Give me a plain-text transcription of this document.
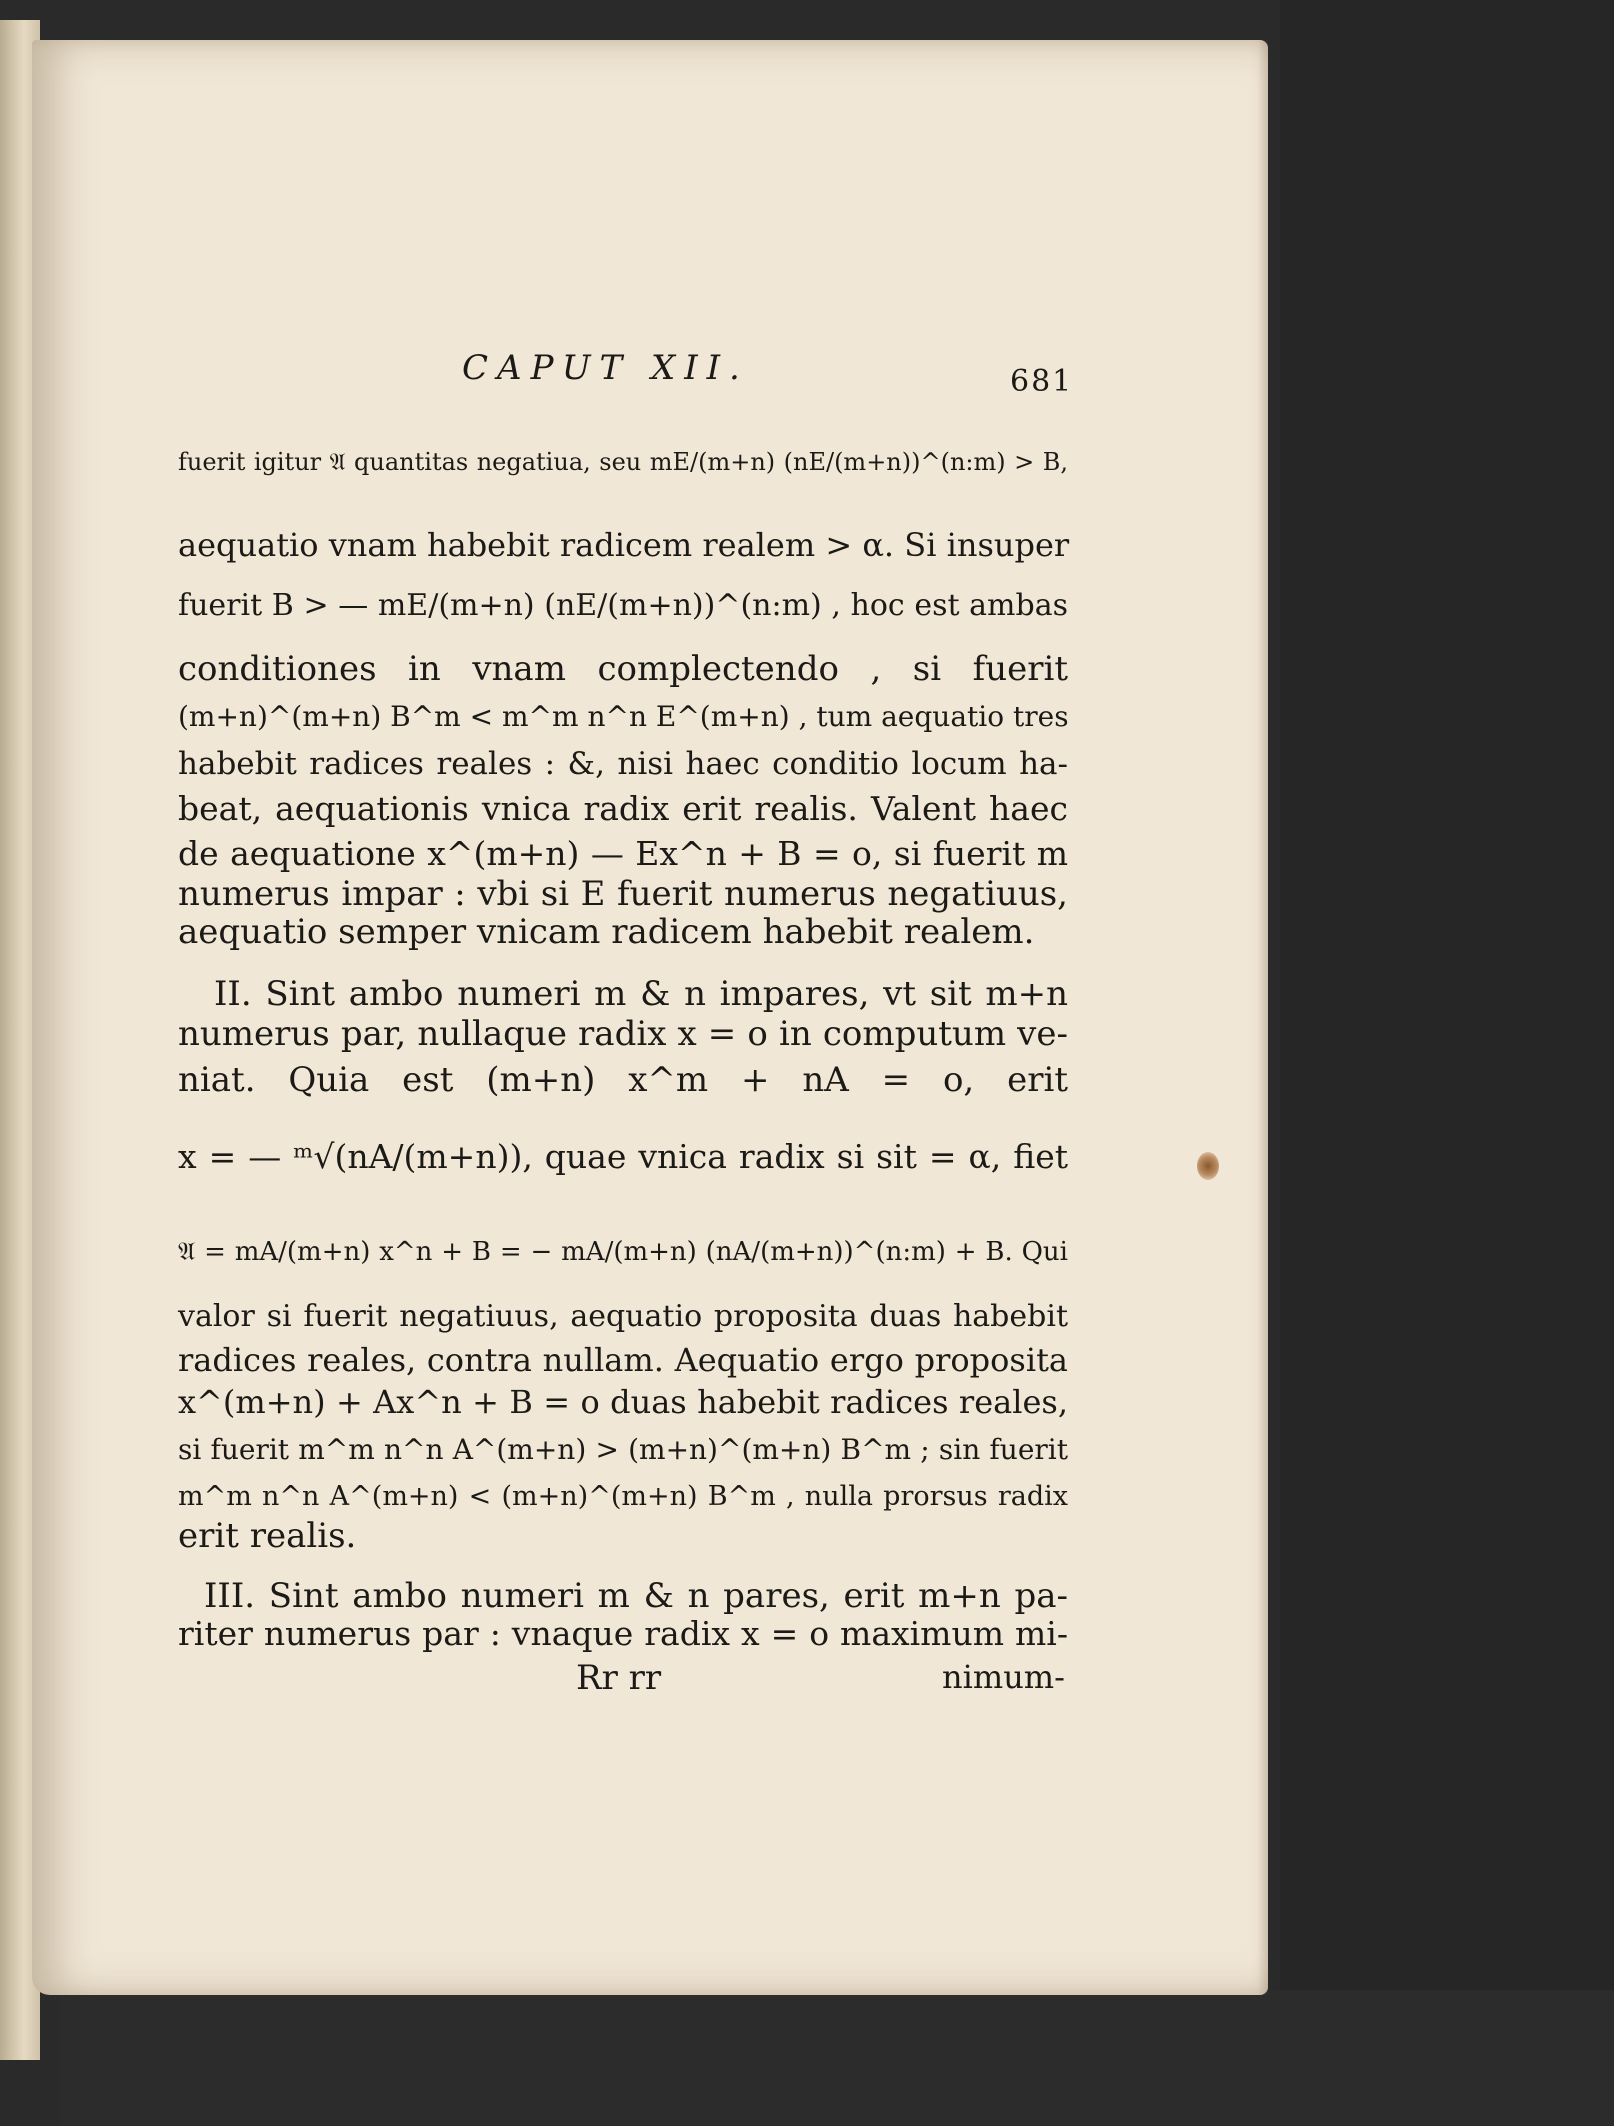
CAPUT XII.	681
fuerit igitur 𝔄 quantitas negatiua, seu mE/(m+n) (nE/(m+n))^(n:m) > B,
aequatio vnam habebit radicem realem > α. Si insuper
fuerit B > — mE/(m+n) (nE/(m+n))^(n:m) , hoc est ambas
conditiones in vnam complectendo , si fuerit
(m+n)^(m+n) B^m < m^m n^n E^(m+n) , tum aequatio tres
habebit radices reales : &, nisi haec conditio locum ha-
beat, aequationis vnica radix erit realis. Valent haec
de aequatione x^(m+n) — Ex^n + B = o, si fuerit m
numerus impar : vbi si E fuerit numerus negatiuus,
aequatio semper vnicam radicem habebit realem.
II. Sint ambo numeri m & n impares, vt sit m+n
numerus par, nullaque radix x = o in computum ve-
niat. Quia est (m+n) x^m + nA = o, erit
x = — ᵐ√(nA/(m+n)), quae vnica radix si sit = α, fiet
𝔄 = mA/(m+n) x^n + B = − mA/(m+n) (nA/(m+n))^(n:m) + B. Qui
valor si fuerit negatiuus, aequatio proposita duas habebit
radices reales, contra nullam. Aequatio ergo proposita
x^(m+n) + Ax^n + B = o duas habebit radices reales,
si fuerit m^m n^n A^(m+n) > (m+n)^(m+n) B^m ; sin fuerit
m^m n^n A^(m+n) < (m+n)^(m+n) B^m , nulla prorsus radix
erit realis.
III. Sint ambo numeri m & n pares, erit m+n pa-
riter numerus par : vnaque radix x = o maximum mi-
Rr rr	nimum-
